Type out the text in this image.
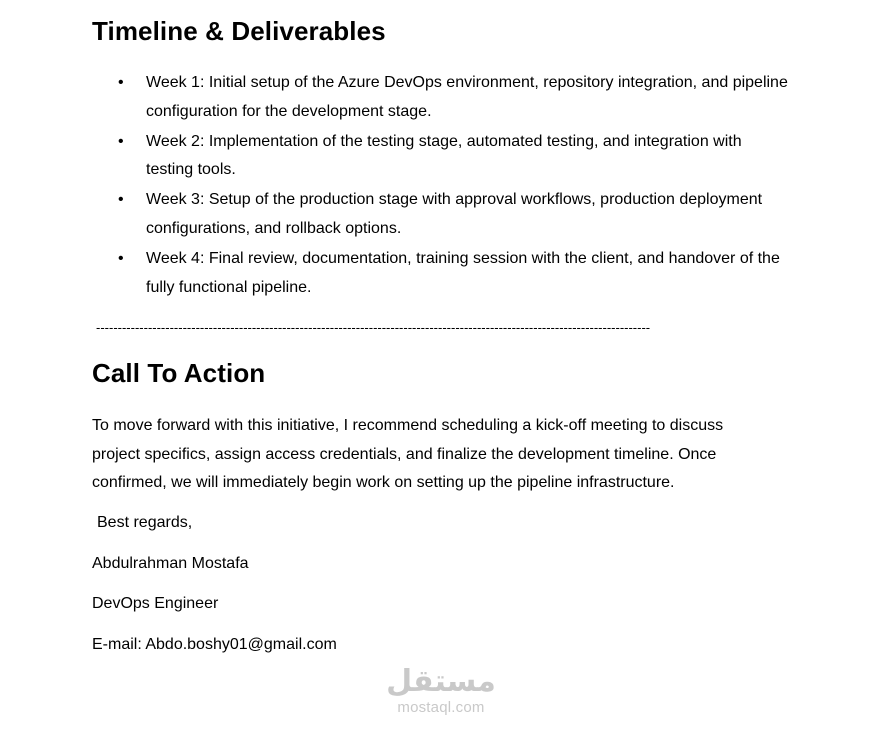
Timeline & Deliverables
• Week 1: Initial setup of the Azure DevOps environment, repository integration, and pipeline configuration for the development stage.
• Week 2: Implementation of the testing stage, automated testing, and integration with testing tools.
• Week 3: Setup of the production stage with approval workflows, production deployment configurations, and rollback options.
• Week 4: Final review, documentation, training session with the client, and handover of the fully functional pipeline.
--------------------------------------------------------------------------------------------------------------------------------
Call To Action

To move forward with this initiative, I recommend scheduling a kick-off meeting to discuss project specifics, assign access credentials, and finalize the development timeline. Once confirmed, we will immediately begin work on setting up the pipeline infrastructure.

Best regards,

Abdulrahman Mostafa

DevOps Engineer

E-mail: Abdo.boshy01@gmail.com

مستقل
mostaql.com
